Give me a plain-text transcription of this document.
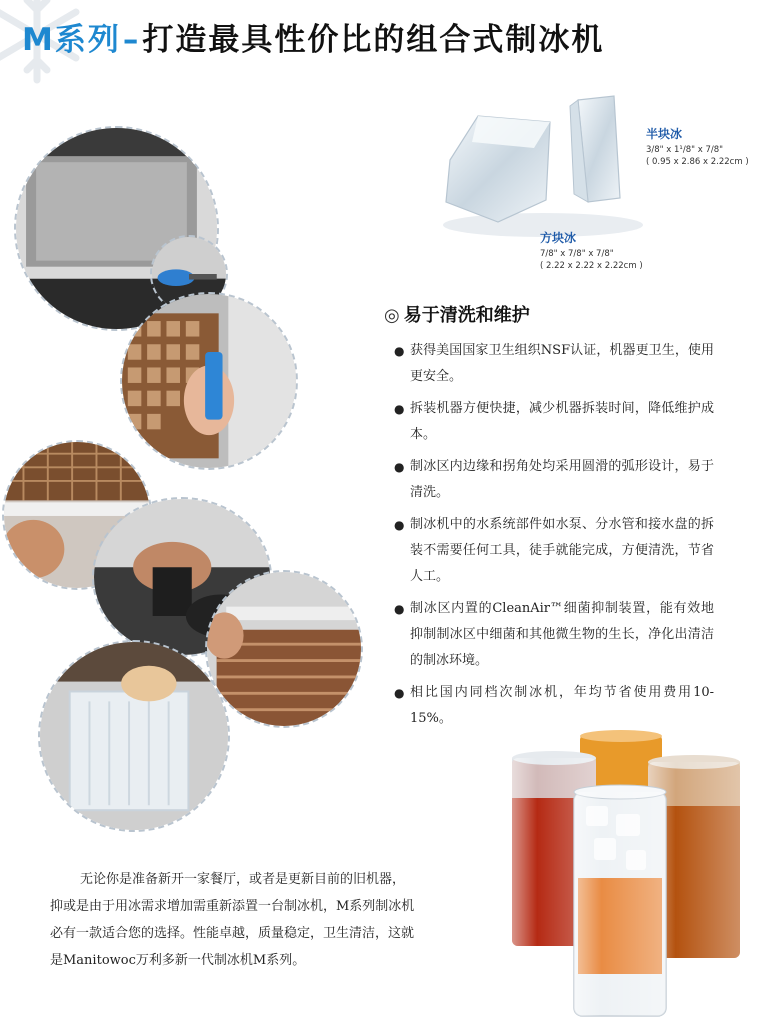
M系列–打造最具性价比的组合式制冰机
半块冰
3/8" x 1¹/8" x 7/8"
( 0.95 x 2.86 x 2.22cm )
方块冰
7/8" x 7/8" x 7/8"
( 2.22 x 2.22 x 2.22cm )
◎ 易于清洗和维护
● 获得美国国家卫生组织NSF认证，机器更卫生，使用更安全。
● 拆装机器方便快捷，减少机器拆装时间，降低维护成本。
● 制冰区内边缘和拐角处均采用圆滑的弧形设计，易于清洗。
● 制冰机中的水系统部件如水泵、分水管和接水盘的拆装不需要任何工具，徒手就能完成，方便清洗，节省人工。
● 制冰区内置的CleanAir™细菌抑制装置，能有效地抑制制冰区中细菌和其他微生物的生长，净化出清洁的制冰环境。
● 相比国内同档次制冰机，年均节省使用费用10-15%。

无论你是准备新开一家餐厅，或者是更新目前的旧机器，
抑或是由于用冰需求增加需重新添置一台制冰机，M系列制冰机
必有一款适合您的选择。性能卓越，质量稳定，卫生清洁，这就
是Manitowoc万利多新一代制冰机M系列。
